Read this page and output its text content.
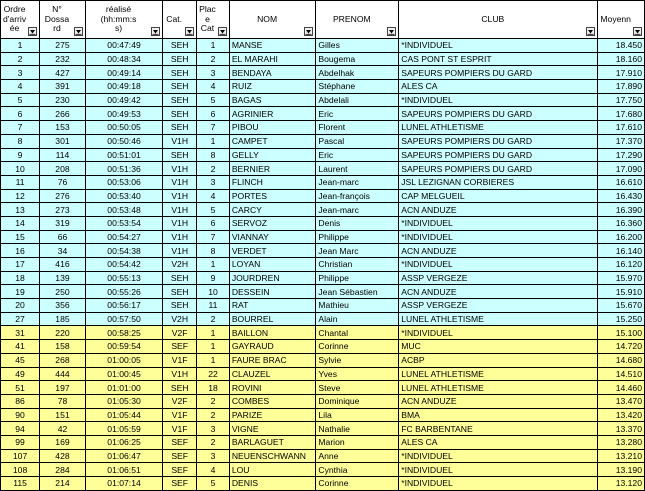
Ordre
d'arriv
ée	N°
Dossa
rd	réalisé
(hh:mm:s
s)	Cat.	Plac
e
Cat	NOM	PRENOM	CLUB	Moyenn

1	275	00:47:49	SEH	1	MANSE	Gilles	*INDIVIDUEL	18.450
2	232	00:48:34	SEH	2	EL MARAHI	Bougema	CAS PONT ST ESPRIT	18.160
3	427	00:49:14	SEH	3	BENDAYA	Abdelhak	SAPEURS POMPIERS DU GARD	17.910
4	391	00:49:18	SEH	4	RUIZ	Stéphane	ALES CA	17.890
5	230	00:49:42	SEH	5	BAGAS	Abdelali	*INDIVIDUEL	17.750
6	266	00:49:53	SEH	6	AGRINIER	Eric	SAPEURS POMPIERS DU GARD	17.680
7	153	00:50:05	SEH	7	PIBOU	Florent	LUNEL ATHLETISME	17.610
8	301	00:50:46	V1H	1	CAMPET	Pascal	SAPEURS POMPIERS DU GARD	17.370
9	114	00:51:01	SEH	8	GELLY	Eric	SAPEURS POMPIERS DU GARD	17.290
10	208	00:51:36	V1H	2	BERNIER	Laurent	SAPEURS POMPIERS DU GARD	17.090
11	76	00:53:06	V1H	3	FLINCH	Jean-marc	JSL LEZIGNAN CORBIERES	16.610
12	276	00:53:40	V1H	4	PORTES	Jean-françois	CAP MELGUEIL	16.430
13	273	00:53:48	V1H	5	CARCY	Jean-marc	ACN ANDUZE	16.390
14	319	00:53:54	V1H	6	SERVOZ	Denis	*INDIVIDUEL	16.360
15	66	00:54:27	V1H	7	VIANNAY	Philippe	*INDIVIDUEL	16.200
16	34	00:54:38	V1H	8	VERDET	Jean Marc	ACN ANDUZE	16.140
17	416	00:54:42	V2H	1	LOYAN	Christian	*INDIVIDUEL	16.120
18	139	00:55:13	SEH	9	JOURDREN	Philippe	ASSP VERGEZE	15.970
19	250	00:55:26	SEH	10	DESSEIN	Jean Sébastien	ACN ANDUZE	15.910
20	356	00:56:17	SEH	11	RAT	Mathieu	ASSP VERGEZE	15.670
27	185	00:57:50	V2H	2	BOURREL	Alain	LUNEL ATHLETISME	15.250
31	220	00:58:25	V2F	1	BAILLON	Chantal	*INDIVIDUEL	15.100
41	158	00:59:54	SEF	1	GAYRAUD	Corinne	MUC	14.720
45	268	01:00:05	V1F	1	FAURE BRAC	Sylvie	ACBP	14.680
49	444	01:00:45	V1H	22	CLAUZEL	Yves	LUNEL ATHLETISME	14.510
51	197	01:01:00	SEH	18	ROVINI	Steve	LUNEL ATHLETISME	14.460
86	78	01:05:30	V2F	2	COMBES	Dominique	ACN ANDUZE	13.470
90	151	01:05:44	V1F	2	PARIZE	Lila	BMA	13.420
94	42	01:05:59	V1F	3	VIGNE	Nathalie	FC BARBENTANE	13.370
99	169	01:06:25	SEF	2	BARLAGUET	Marion	ALES CA	13.280
107	428	01:06:47	SEF	3	NEUENSCHWANN	Anne	*INDIVIDUEL	13.210
108	284	01:06:51	SEF	4	LOU	Cynthia	*INDIVIDUEL	13.190
115	214	01:07:14	SEF	5	DENIS	Corinne	*INDIVIDUEL	13.120
